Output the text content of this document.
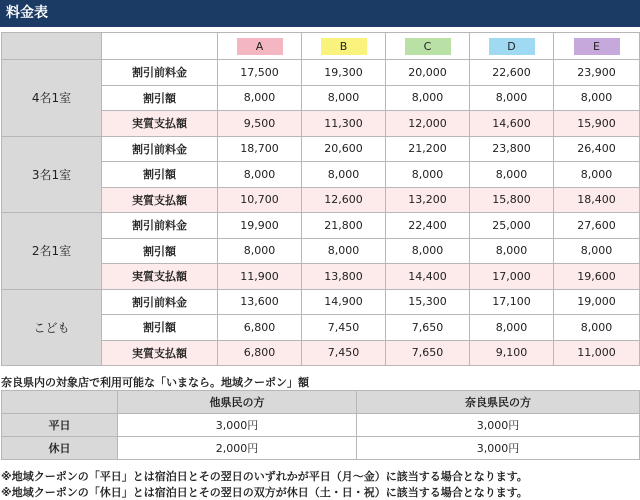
料金表
		A	B	C	D	E
4名1室	割引前料金	17,500	19,300	20,000	22,600	23,900
	割引額	8,000	8,000	8,000	8,000	8,000
	実質支払額	9,500	11,300	12,000	14,600	15,900
3名1室	割引前料金	18,700	20,600	21,200	23,800	26,400
	割引額	8,000	8,000	8,000	8,000	8,000
	実質支払額	10,700	12,600	13,200	15,800	18,400
2名1室	割引前料金	19,900	21,800	22,400	25,000	27,600
	割引額	8,000	8,000	8,000	8,000	8,000
	実質支払額	11,900	13,800	14,400	17,000	19,600
こども	割引前料金	13,600	14,900	15,300	17,100	19,000
	割引額	6,800	7,450	7,650	8,000	8,000
	実質支払額	6,800	7,450	7,650	9,100	11,000
奈良県内の対象店で利用可能な「いまなら。地域クーポン」額
	他県民の方	奈良県民の方
平日	3,000円	3,000円
休日	2,000円	3,000円
※地域クーポンの「平日」とは宿泊日とその翌日のいずれかが平日（月～金）に該当する場合となります。
※地域クーポンの「休日」とは宿泊日とその翌日の双方が休日（土・日・祝）に該当する場合となります。
